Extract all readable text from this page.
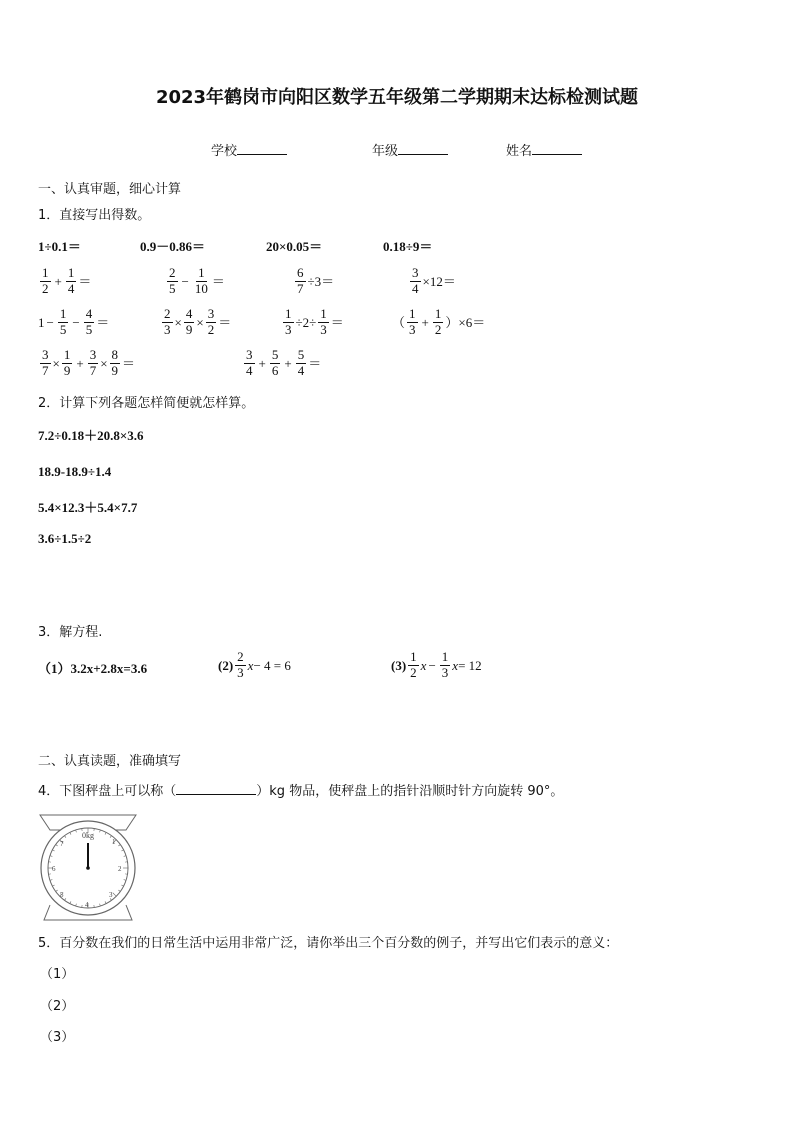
2023年鹤岗市向阳区数学五年级第二学期期末达标检测试题
学校	年级	姓名
一、认真审题，细心计算
1．直接写出得数。
1÷0.1＝	0.9－0.86＝	20×0.05＝	0.18÷9＝
$\frac{1}{2} + \frac{1}{4}$ ＝	$\frac{2}{5} - \frac{1}{10}$ ＝	$\frac{6}{7} \div 3=$	$\frac{3}{4} \times 12=$
$1 - \frac{1}{5} - \frac{4}{5}$ ＝	$\frac{2}{3} \times \frac{4}{9} \times \frac{3}{2}$ ＝	$\frac{1}{3} \div 2\div \frac{1}{3}$ ＝	（ $\frac{1}{3} + \frac{1}{2}$ ） ×6＝
$\frac{3}{7} \times \frac{1}{9} + \frac{3}{7} \times \frac{8}{9}$ ＝	$\frac{3}{4} + \frac{5}{6} + \frac{5}{4}$ ＝
2．计算下列各题怎样简便就怎样算。
7.2÷0.18＋20.8×3.6
18.9-18.9÷1.4
5.4×12.3＋5.4×7.7
3.6÷1.5÷2
3．解方程.
（1）3.2x+2.8x=3.6	$(2) \frac{2}{3}$ x − 4 = 6	$(3) \frac{1}{2}$ $x - \frac{1}{3}$ x = 12
二、认真读题，准确填写
4．下图秤盘上可以称（	）kg 物品，使秤盘上的指针沿顺时针方向旋转 90°。
0kg
1
2
3
4
5
6
7
5．百分数在我们的日常生活中运用非常广泛，请你举出三个百分数的例子，并写出它们表示的意义：
（1）
（2）
（3）
